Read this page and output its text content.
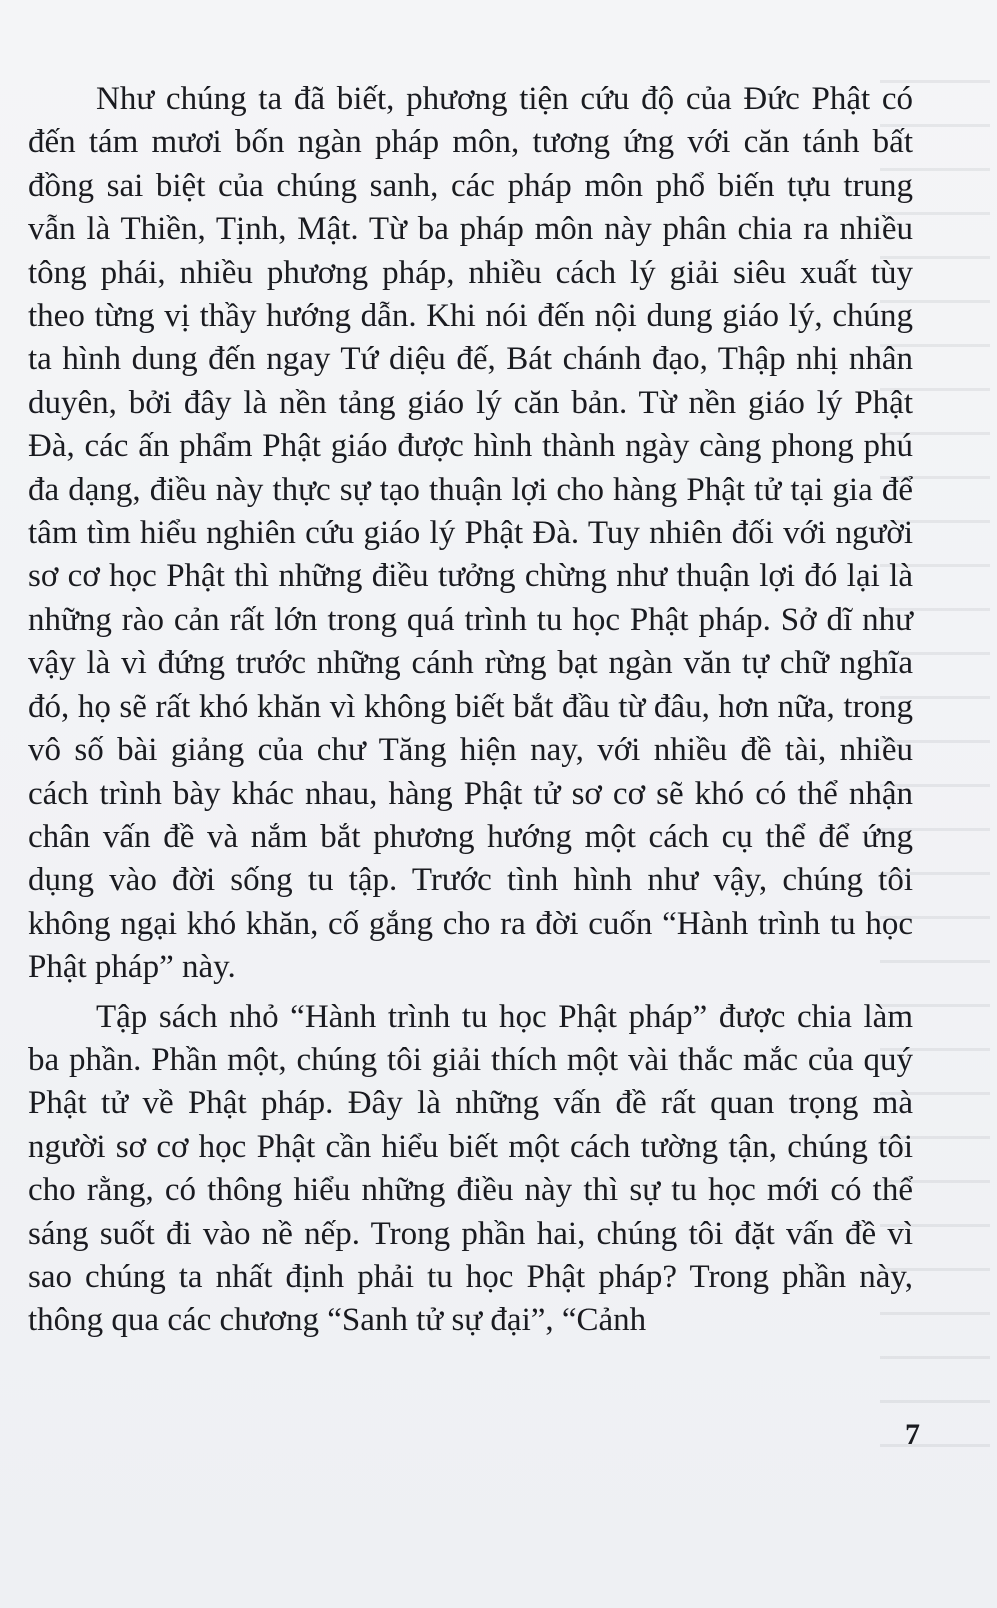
Như chúng ta đã biết, phương tiện cứu độ của Đức Phật có đến tám mươi bốn ngàn pháp môn, tương ứng với căn tánh bất đồng sai biệt của chúng sanh, các pháp môn phổ biến tựu trung vẫn là Thiền, Tịnh, Mật. Từ ba pháp môn này phân chia ra nhiều tông phái, nhiều phương pháp, nhiều cách lý giải siêu xuất tùy theo từng vị thầy hướng dẫn. Khi nói đến nội dung giáo lý, chúng ta hình dung đến ngay Tứ diệu đế, Bát chánh đạo, Thập nhị nhân duyên, bởi đây là nền tảng giáo lý căn bản. Từ nền giáo lý Phật Đà, các ấn phẩm Phật giáo được hình thành ngày càng phong phú đa dạng, điều này thực sự tạo thuận lợi cho hàng Phật tử tại gia để tâm tìm hiểu nghiên cứu giáo lý Phật Đà. Tuy nhiên đối với người sơ cơ học Phật thì những điều tưởng chừng như thuận lợi đó lại là những rào cản rất lớn trong quá trình tu học Phật pháp. Sở dĩ như vậy là vì đứng trước những cánh rừng bạt ngàn văn tự chữ nghĩa đó, họ sẽ rất khó khăn vì không biết bắt đầu từ đâu, hơn nữa, trong vô số bài giảng của chư Tăng hiện nay, với nhiều đề tài, nhiều cách trình bày khác nhau, hàng Phật tử sơ cơ sẽ khó có thể nhận chân vấn đề và nắm bắt phương hướng một cách cụ thể để ứng dụng vào đời sống tu tập. Trước tình hình như vậy, chúng tôi không ngại khó khăn, cố gắng cho ra đời cuốn “Hành trình tu học Phật pháp” này.

Tập sách nhỏ “Hành trình tu học Phật pháp” được chia làm ba phần. Phần một, chúng tôi giải thích một vài thắc mắc của quý Phật tử về Phật pháp. Đây là những vấn đề rất quan trọng mà người sơ cơ học Phật cần hiểu biết một cách tường tận, chúng tôi cho rằng, có thông hiểu những điều này thì sự tu học mới có thể sáng suốt đi vào nề nếp. Trong phần hai, chúng tôi đặt vấn đề vì sao chúng ta nhất định phải tu học Phật pháp? Trong phần này, thông qua các chương “Sanh tử sự đại”, “Cảnh

7
